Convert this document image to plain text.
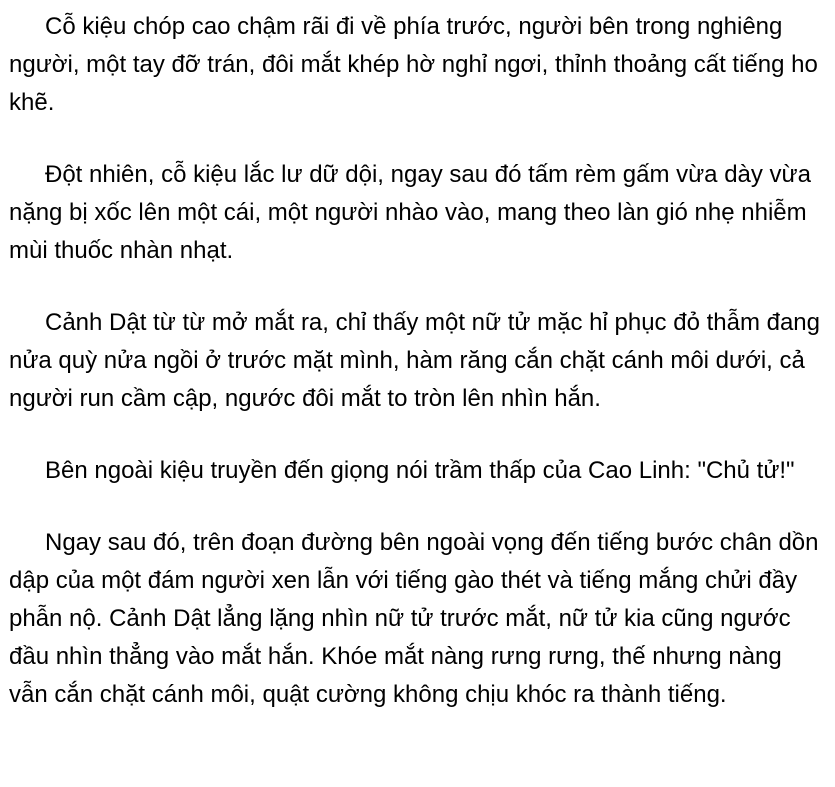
Cỗ kiệu chóp cao chậm rãi đi về phía trước, người bên trong nghiêng người, một tay đỡ trán, đôi mắt khép hờ nghỉ ngơi, thỉnh thoảng cất tiếng ho khẽ.

Đột nhiên, cỗ kiệu lắc lư dữ dội, ngay sau đó tấm rèm gấm vừa dày vừa nặng bị xốc lên một cái, một người nhào vào, mang theo làn gió nhẹ nhiễm mùi thuốc nhàn nhạt.

Cảnh Dật từ từ mở mắt ra, chỉ thấy một nữ tử mặc hỉ phục đỏ thẫm đang nửa quỳ nửa ngồi ở trước mặt mình, hàm răng cắn chặt cánh môi dưới, cả người run cầm cập, ngước đôi mắt to tròn lên nhìn hắn.

Bên ngoài kiệu truyền đến giọng nói trầm thấp của Cao Linh: "Chủ tử!"

Ngay sau đó, trên đoạn đường bên ngoài vọng đến tiếng bước chân dồn dập của một đám người xen lẫn với tiếng gào thét và tiếng mắng chửi đầy phẫn nộ. Cảnh Dật lẳng lặng nhìn nữ tử trước mắt, nữ tử kia cũng ngước đầu nhìn thẳng vào mắt hắn. Khóe mắt nàng rưng rưng, thế nhưng nàng vẫn cắn chặt cánh môi, quật cường không chịu khóc ra thành tiếng.
